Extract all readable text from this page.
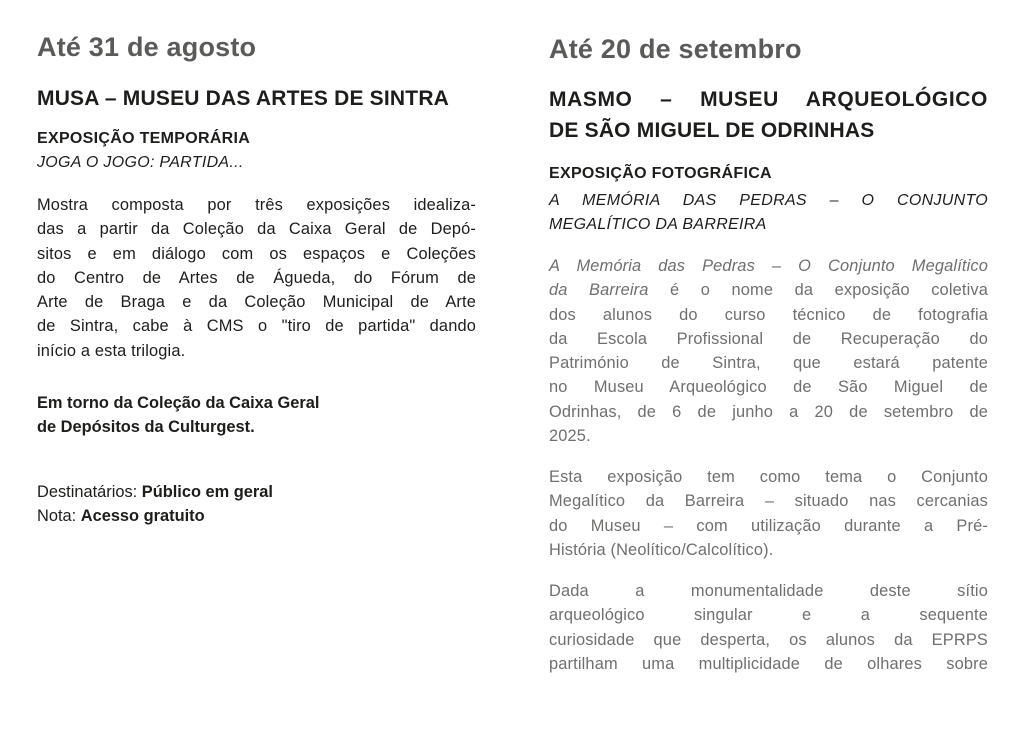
Até 31 de agosto
MUSA – MUSEU DAS ARTES DE SINTRA

EXPOSIÇÃO TEMPORÁRIA

JOGA O JOGO: PARTIDA...

Mostra composta por três exposições idealiza-
das a partir da Coleção da Caixa Geral de Depó-
sitos e em diálogo com os espaços e Coleções
do Centro de Artes de Águeda, do Fórum de
Arte de Braga e da Coleção Municipal de Arte
de Sintra, cabe à CMS o "tiro de partida" dando
início a esta trilogia.

Em torno da Coleção da Caixa Geral
de Depósitos da Culturgest.

Destinatários: Público em geral

Nota: Acesso gratuito

Até 20 de setembro
MASMO – MUSEU ARQUEOLÓGICO
DE SÃO MIGUEL DE ODRINHAS

EXPOSIÇÃO FOTOGRÁFICA

A MEMÓRIA DAS PEDRAS – O CONJUNTO
MEGALÍTICO DA BARREIRA

A Memória das Pedras – O Conjunto Megalítico
da Barreira é o nome da exposição coletiva
dos alunos do curso técnico de fotografia
da Escola Profissional de Recuperação do
Património de Sintra, que estará patente
no Museu Arqueológico de São Miguel de
Odrinhas, de 6 de junho a 20 de setembro de
2025.

Esta exposição tem como tema o Conjunto
Megalítico da Barreira – situado nas cercanias
do Museu – com utilização durante a Pré-
História (Neolítico/Calcolítico).

Dada a monumentalidade deste sítio
arqueológico singular e a sequente
curiosidade que desperta, os alunos da EPRPS
partilham uma multiplicidade de olhares sobre
